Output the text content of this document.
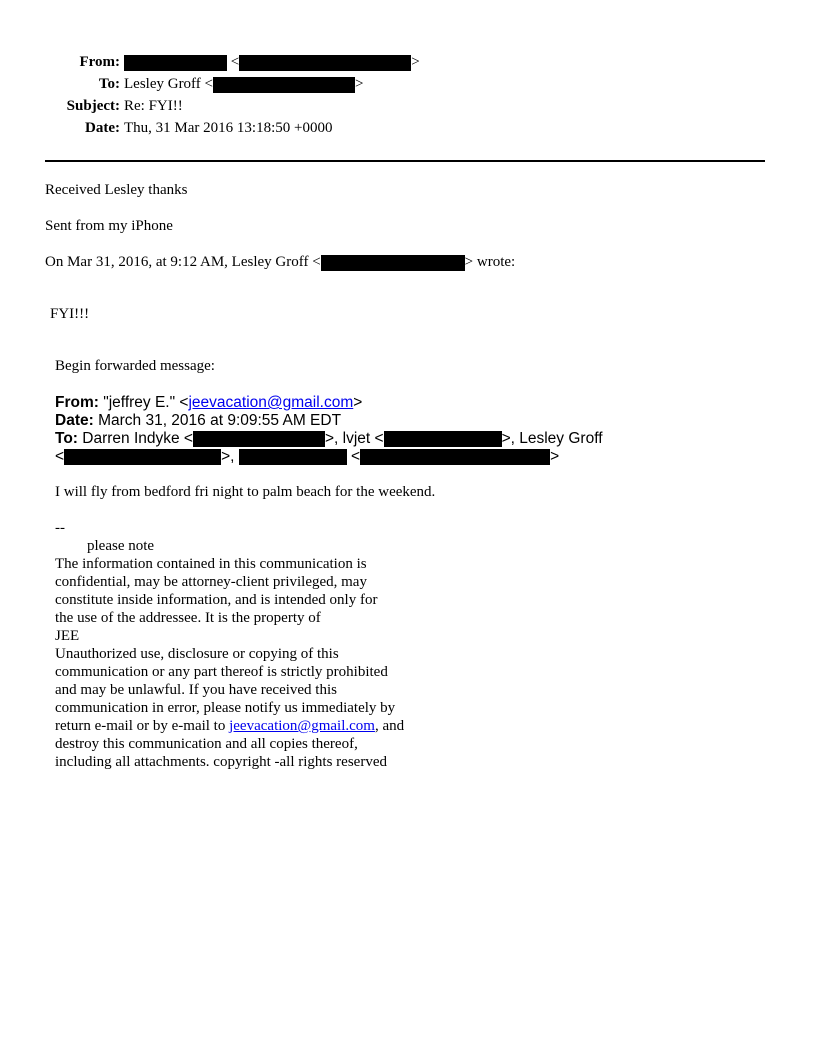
From:	<	>
To: Lesley Groff <	>
Subject: Re: FYI!!
Date: Thu, 31 Mar 2016 13:18:50 +0000
Received Lesley thanks
Sent from my iPhone
On Mar 31, 2016, at 9:12 AM, Lesley Groff <	> wrote:
FYI!!!
Begin forwarded message:
From: "jeffrey E." <jeevacation@gmail.com>
Date: March 31, 2016 at 9:09:55 AM EDT
To: Darren Indyke <	>, lvjet <	>, Lesley Groff
<	>,	<	>
I will fly from bedford fri night to palm beach for the weekend.
--
please note
The information contained in this communication is
confidential, may be attorney-client privileged, may
constitute inside information, and is intended only for
the use of the addressee. It is the property of
JEE
Unauthorized use, disclosure or copying of this
communication or any part thereof is strictly prohibited
and may be unlawful. If you have received this
communication in error, please notify us immediately by
return e-mail or by e-mail to jeevacation@gmail.com, and
destroy this communication and all copies thereof,
including all attachments. copyright -all rights reserved
